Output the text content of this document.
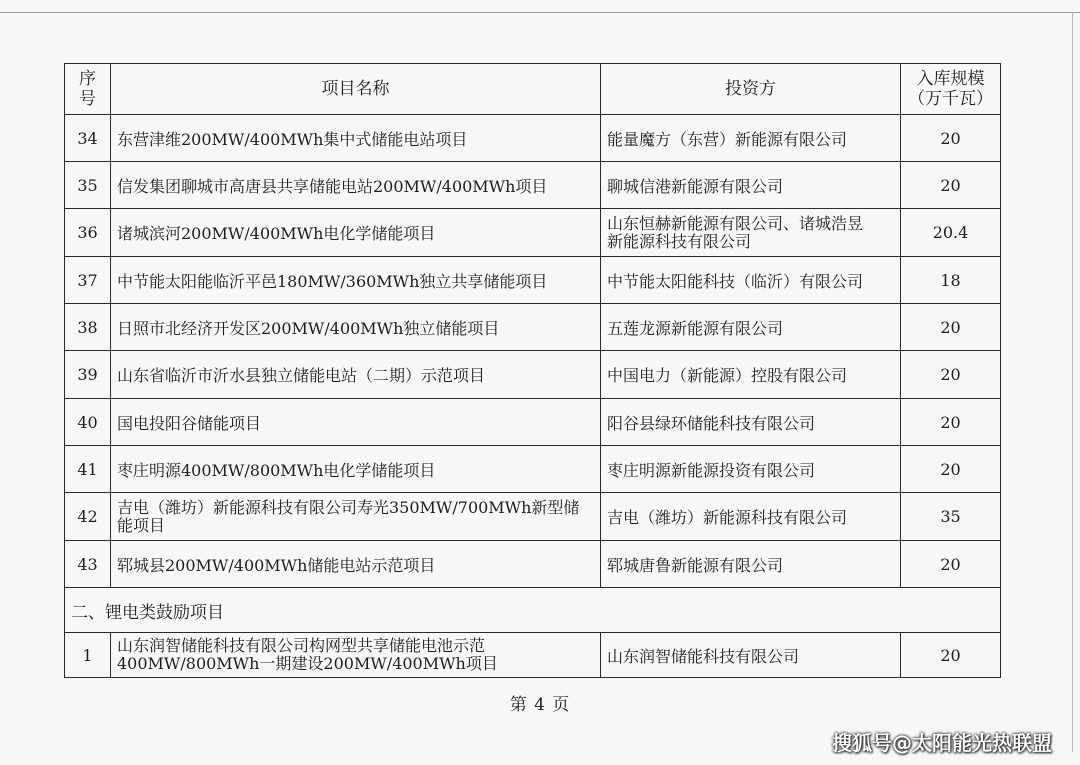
序号	项目名称	投资方	入库规模
（万千瓦）

34	东营津维200MW/400MWh集中式储能电站项目	能量魔方（东营）新能源有限公司	20
35	信发集团聊城市高唐县共享储能电站200MW/400MWh项目	聊城信港新能源有限公司	20
36	诸城滨河200MW/400MWh电化学储能项目	山东恒赫新能源有限公司、诸城浩昱
新能源科技有限公司	20.4
37	中节能太阳能临沂平邑180MW/360MWh独立共享储能项目	中节能太阳能科技（临沂）有限公司	18
38	日照市北经济开发区200MW/400MWh独立储能项目	五莲龙源新能源有限公司	20
39	山东省临沂市沂水县独立储能电站（二期）示范项目	中国电力（新能源）控股有限公司	20
40	国电投阳谷储能项目	阳谷县绿环储能科技有限公司	20
41	枣庄明源400MW/800MWh电化学储能项目	枣庄明源新能源投资有限公司	20
42	吉电（潍坊）新能源科技有限公司寿光350MW/700MWh新型储
能项目	吉电（潍坊）新能源科技有限公司	35
43	郓城县200MW/400MWh储能电站示范项目	郓城唐鲁新能源有限公司	20
二、锂电类鼓励项目			
1	山东润智储能科技有限公司构网型共享储能电池示范
400MW/800MWh一期建设200MW/400MWh项目	山东润智储能科技有限公司	20
第 4 页
搜狐号@太阳能光热联盟
